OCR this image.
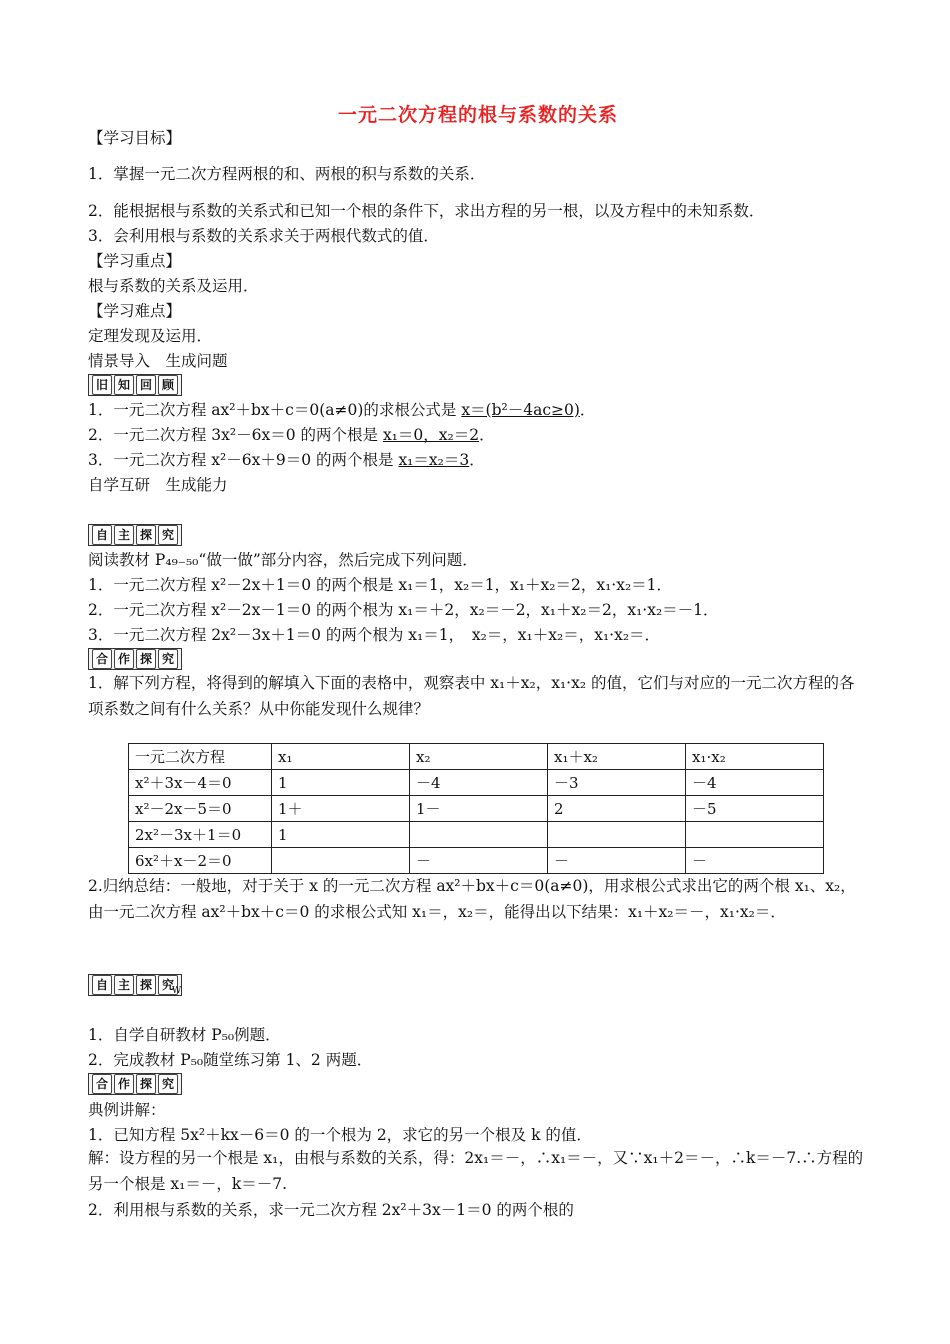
一元二次方程的根与系数的关系
【学习目标】
1．掌握一元二次方程两根的和、两根的积与系数的关系．
2．能根据根与系数的关系式和已知一个根的条件下，求出方程的另一根，以及方程中的未知系数．
3．会利用根与系数的关系求关于两根代数式的值．
【学习重点】
根与系数的关系及运用．
【学习难点】
定理发现及运用．
情景导入　生成问题
旧 知 回 顾
1．一元二次方程 ax²＋bx＋c＝0(a≠0)的求根公式是 x＝(b²－4ac≥0)．
2．一元二次方程 3x²－6x＝0 的两个根是 x₁＝0，x₂＝2．
3．一元二次方程 x²－6x＋9＝0 的两个根是 x₁＝x₂＝3．
自学互研　生成能力
自 主 探 究
阅读教材 P₄₉₋₅₀“做一做”部分内容，然后完成下列问题．
1．一元二次方程 x²－2x＋1＝0 的两个根是 x₁＝1，x₂＝1，x₁＋x₂＝2，x₁·x₂＝1．
2．一元二次方程 x²－2x－1＝0 的两个根为 x₁＝＋2，x₂＝－2，x₁＋x₂＝2，x₁·x₂＝－1．
3．一元二次方程 2x²－3x＋1＝0 的两个根为 x₁＝1，　x₂＝，x₁＋x₂＝，x₁·x₂＝．
合 作 探 究
1．解下列方程，将得到的解填入下面的表格中，观察表中 x₁＋x₂，x₁·x₂ 的值，它们与对应的一元二次方程的各项系数之间有什么关系？从中你能发现什么规律？
一元二次方程	x₁	x₂	x₁＋x₂	x₁·x₂
x²＋3x－4＝0	1	－4	－3	－4
x²－2x－5＝0	1＋	1－	2	－5
2x²－3x＋1＝0	1			
6x²＋x－2＝0		－	－	－
2.归纳总结：一般地，对于关于 x 的一元二次方程 ax²＋bx＋c＝0(a≠0)，用求根公式求出它的两个根 x₁、x₂，由一元二次方程 ax²＋bx＋c＝0 的求根公式知 x₁＝，x₂＝，能得出以下结果：x₁＋x₂＝－，x₁·x₂＝．
自 主 探 究
W
1．自学自研教材 P₅₀例题．
2．完成教材 P₅₀随堂练习第 1、2 两题．
合 作 探 究
典例讲解：
1．已知方程 5x²＋kx－6＝0 的一个根为 2，求它的另一个根及 k 的值．
解：设方程的另一个根是 x₁，由根与系数的关系，得：2x₁＝－，∴x₁＝－，又∵x₁＋2＝－，∴k＝－7.∴方程的另一个根是 x₁＝－，k＝－7.
2．利用根与系数的关系，求一元二次方程 2x²＋3x－1＝0 的两个根的
